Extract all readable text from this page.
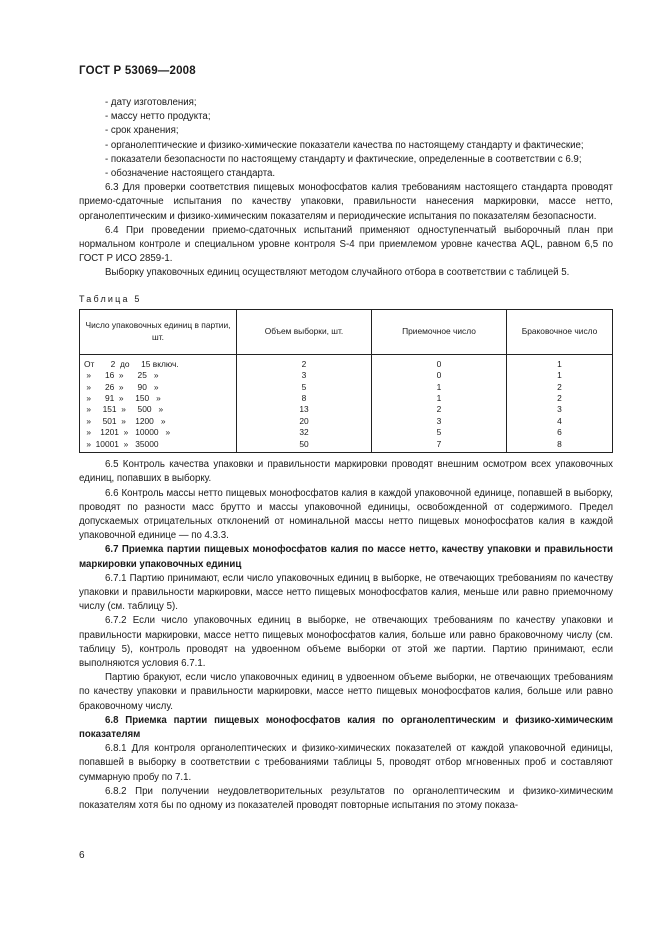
ГОСТ Р 53069—2008

- дату изготовления;

- массу нетто продукта;

- срок хранения;

- органолептические и физико-химические показатели качества по настоящему стандарту и фактические;

- показатели безопасности по настоящему стандарту и фактические, определенные в соответствии с 6.9;

- обозначение настоящего стандарта.

6.3 Для проверки соответствия пищевых монофосфатов калия требованиям настоящего стандарта проводят приемо-сдаточные испытания по качеству упаковки, правильности нанесения маркировки, массе нетто, органолептическим и физико-химическим показателям и периодические испытания по показателям безопасности.

6.4 При проведении приемо-сдаточных испытаний применяют одноступенчатый выборочный план при нормальном контроле и специальном уровне контроля S-4 при приемлемом уровне качества AQL, равном 6,5 по ГОСТ Р ИСО 2859-1.

Выборку упаковочных единиц осуществляют методом случайного отбора в соответствии с таблицей 5.

Таблица 5
Число упаковочных единиц в партии, шт.	Объем выборки, шт.	Приемочное число	Браковочное число
От       2  до     15 включ.	2	0	1
»      16  »      25   »	3	0	1
»      26  »      90   »	5	1	2
»      91  »     150   »	8	1	2
»     151  »     500   »	13	2	3
»     501  »    1200   »	20	3	4
»    1201  »   10000   »	32	5	6
»  10001  »   35000	50	7	8

6.5 Контроль качества упаковки и правильности маркировки проводят внешним осмотром всех упаковочных единиц, попавших в выборку.

6.6 Контроль массы нетто пищевых монофосфатов калия в каждой упаковочной единице, попавшей в выборку, проводят по разности масс брутто и массы упаковочной единицы, освобожденной от содержимого. Предел допускаемых отрицательных отклонений от номинальной массы нетто пищевых монофосфатов калия в каждой упаковочной единице — по 4.3.3.

6.7 Приемка партии пищевых монофосфатов калия по массе нетто, качеству упаковки и правильности маркировки упаковочных единиц

6.7.1 Партию принимают, если число упаковочных единиц в выборке, не отвечающих требованиям по качеству упаковки и правильности маркировки, массе нетто пищевых монофосфатов калия, меньше или равно приемочному числу (см. таблицу 5).

6.7.2 Если число упаковочных единиц в выборке, не отвечающих требованиям по качеству упаковки и правильности маркировки, массе нетто пищевых монофосфатов калия, больше или равно браковочному числу (см. таблицу 5), контроль проводят на удвоенном объеме выборки от этой же партии. Партию принимают, если выполняются условия 6.7.1.

Партию бракуют, если число упаковочных единиц в удвоенном объеме выборки, не отвечающих требованиям по качеству упаковки и правильности маркировки, массе нетто пищевых монофосфатов калия, больше или равно браковочному числу.

6.8 Приемка партии пищевых монофосфатов калия по органолептическим и физико-химическим показателям

6.8.1 Для контроля органолептических и физико-химических показателей от каждой упаковочной единицы, попавшей в выборку в соответствии с требованиями таблицы 5, проводят отбор мгновенных проб и составляют суммарную пробу по 7.1.

6.8.2 При получении неудовлетворительных результатов по органолептическим и физико-химическим показателям хотя бы по одному из показателей проводят повторные испытания по этому показа-

6
